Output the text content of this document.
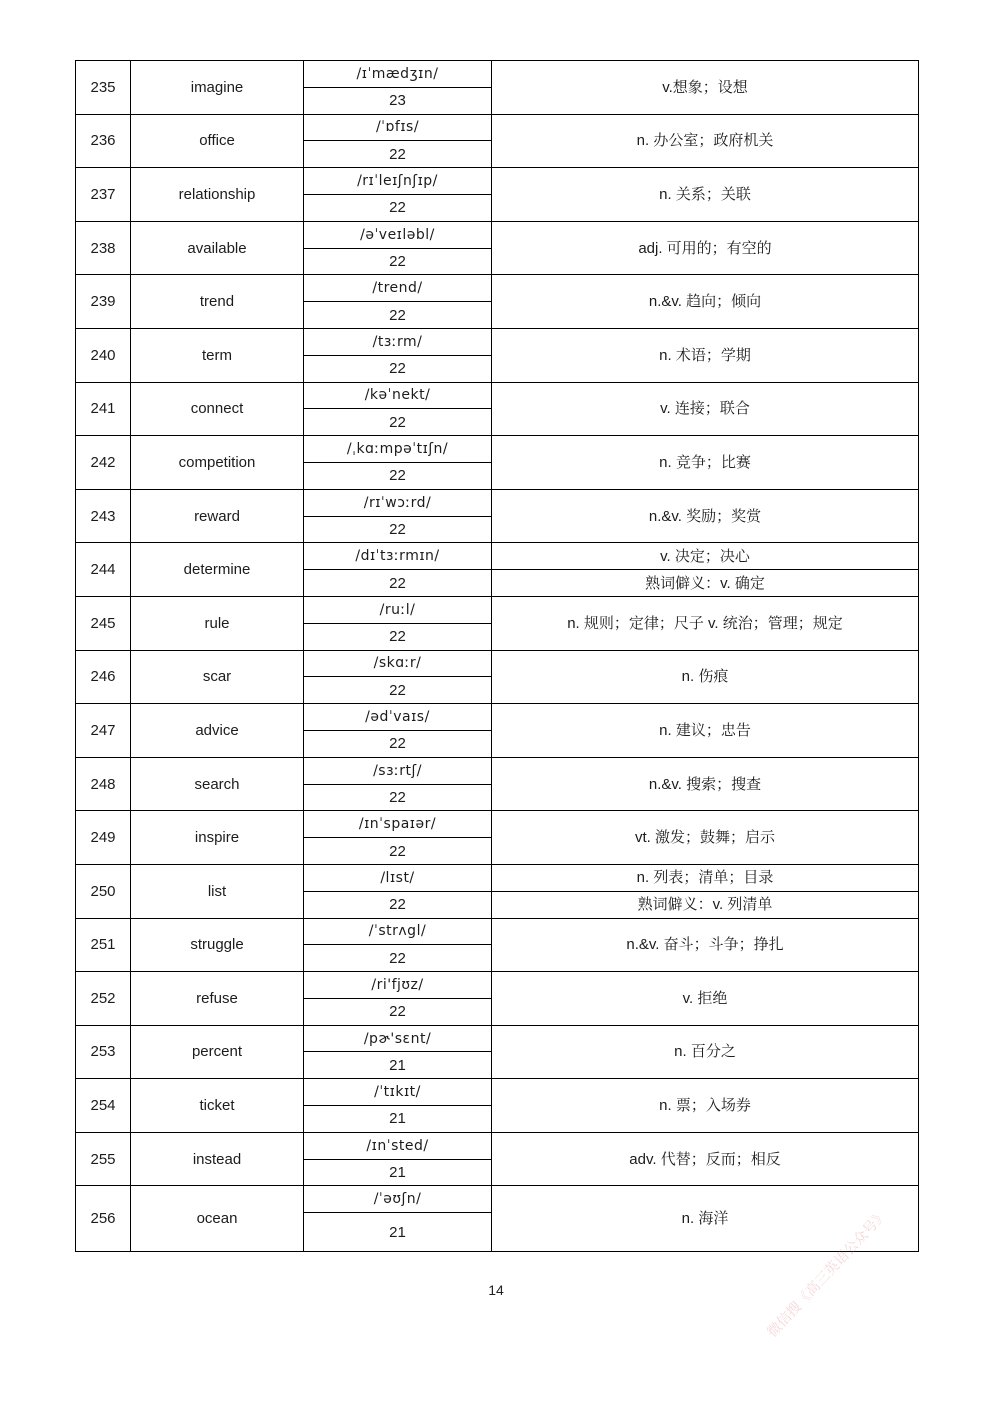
235	imagine	/ɪˈmædʒɪn/	v.想象；设想
		23	
236	office	/ˈɒfɪs/	n. 办公室；政府机关
		22	
237	relationship	/rɪˈleɪʃnʃɪp/	n. 关系；关联
		22	
238	available	/əˈveɪləbl/	adj. 可用的；有空的
		22	
239	trend	/trend/	n.&v. 趋向；倾向
		22	
240	term	/tɜːrm/	n. 术语；学期
		22	
241	connect	/kəˈnekt/	v. 连接；联合
		22	
242	competition	/ˌkɑːmpəˈtɪʃn/	n. 竞争；比赛
		22	
243	reward	/rɪˈwɔːrd/	n.&v. 奖励；奖赏
		22	
244	determine	/dɪˈtɜːrmɪn/	v. 决定；决心
		22	熟词僻义：v. 确定
245	rule	/ruːl/	n. 规则；定律；尺子 v. 统治；管理；规定
		22	
246	scar	/skɑːr/	n. 伤痕
		22	
247	advice	/ədˈvaɪs/	n. 建议；忠告
		22	
248	search	/sɜːrtʃ/	n.&v. 搜索；搜查
		22	
249	inspire	/ɪnˈspaɪər/	vt. 激发；鼓舞；启示
		22	
250	list	/lɪst/	n. 列表；清单；目录
		22	熟词僻义：v. 列清单
251	struggle	/ˈstrʌgl/	n.&v. 奋斗；斗争；挣扎
		22	
252	refuse	/ri'fjʊz/	v. 拒绝
		22	
253	percent	/pɚ'sɛnt/	n. 百分之
		21	
254	ticket	/ˈtɪkɪt/	n. 票；入场券
		21	
255	instead	/ɪnˈsted/	adv. 代替；反而；相反
		21	
256	ocean	/ˈəʊʃn/	n. 海洋
		21	
14	微信搜《高三英语公众号》
